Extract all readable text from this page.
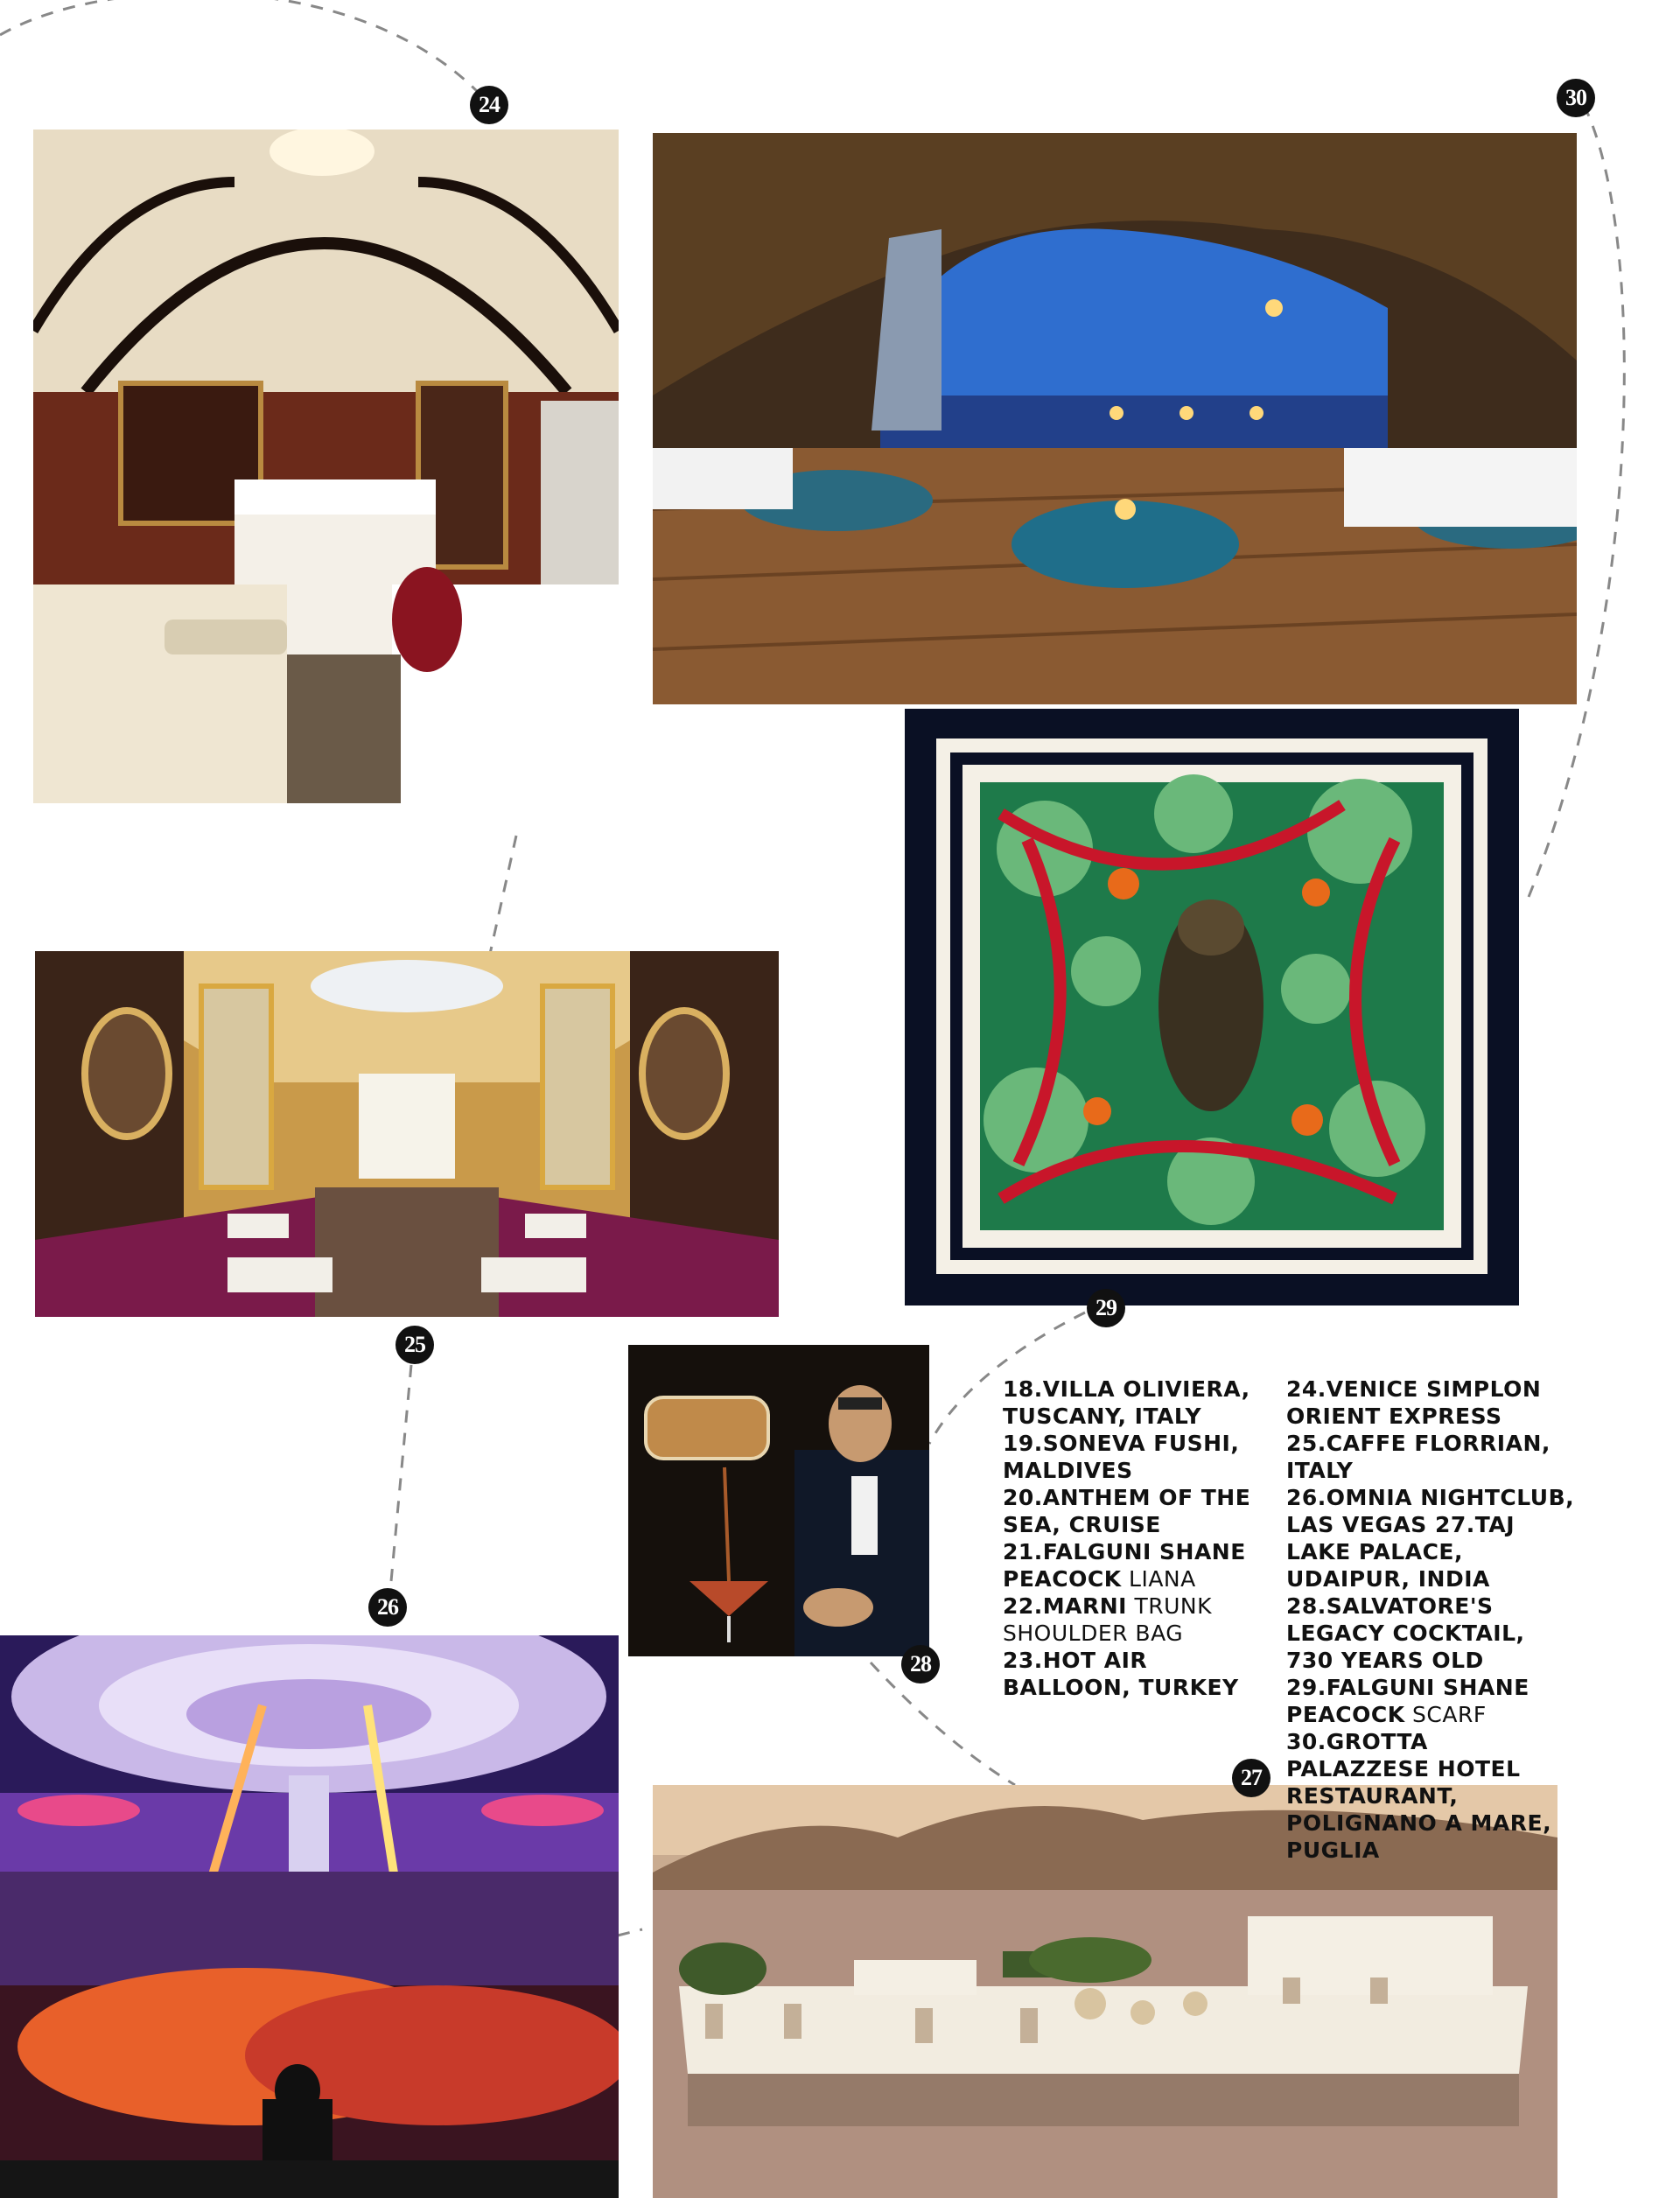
24	30
29
25
26
28
27

18.VILLA OLIVIERA, TUSCANY, ITALY

19.SONEVA FUSHI, MALDIVES 20.ANTHEM OF THE SEA, CRUISE

21.FALGUNI SHANE PEACOCK LIANA

22.MARNI TRUNK SHOULDER BAG

23.HOT AIR BALLOON, TURKEY

24.VENICE SIMPLON ORIENT EXPRESS

25.CAFFE FLORRIAN, ITALY

26.OMNIA NIGHTCLUB, LAS VEGAS 27.TAJ LAKE PALACE, UDAIPUR, INDIA 28.SALVATORE'S LEGACY COCKTAIL, 730 YEARS OLD 29.FALGUNI SHANE PEACOCK SCARF

30.GROTTA PALAZZESE HOTEL RESTAURANT, POLIGNANO A MARE, PUGLIA
